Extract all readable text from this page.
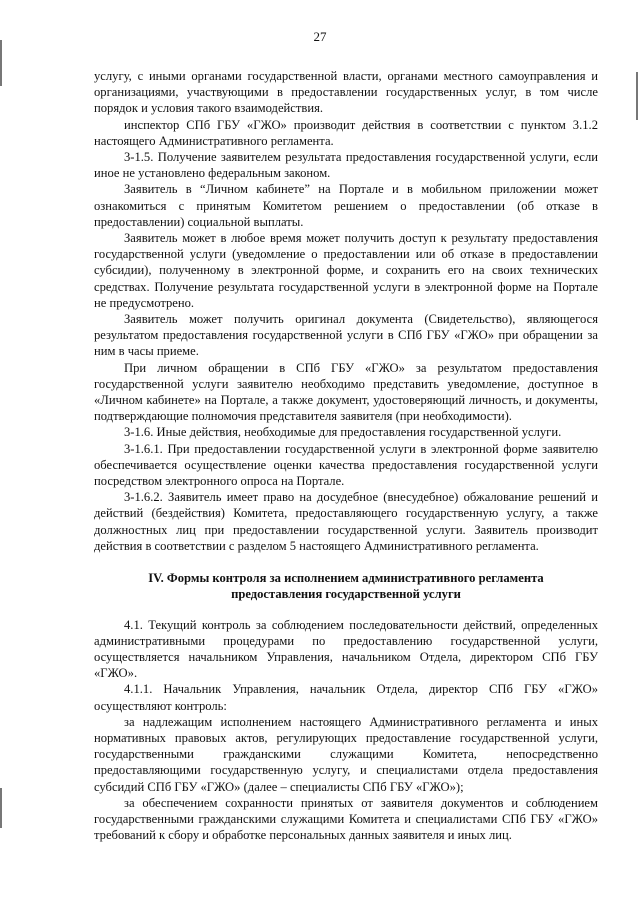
27

услугу, с иными органами государственной власти, органами местного самоуправления и организациями, участвующими в предоставлении государственных услуг, в том числе порядок и условия такого взаимодействия.

инспектор СПб ГБУ «ГЖО» производит действия в соответствии с пунктом 3.1.2 настоящего Административного регламента.

3-1.5. Получение заявителем результата предоставления государственной услуги, если иное не установлено федеральным законом.

Заявитель в “Личном кабинете” на Портале и в мобильном приложении может ознакомиться с принятым Комитетом решением о предоставлении (об отказе в предоставлении) социальной выплаты.

Заявитель может в любое время может получить доступ к результату предоставления государственной услуги (уведомление о предоставлении или об отказе в предоставлении субсидии), полученному в электронной форме, и сохранить его на своих технических средствах. Получение результата государственной услуги в электронной форме на Портале не предусмотрено.

Заявитель может получить оригинал документа (Свидетельство), являющегося результатом предоставления государственной услуги в СПб ГБУ «ГЖО» при обращении за ним в часы приеме.

При личном обращении в СПб ГБУ «ГЖО» за результатом предоставления государственной услуги заявителю необходимо представить уведомление, доступное в «Личном кабинете» на Портале, а также документ, удостоверяющий личность, и документы, подтверждающие полномочия представителя заявителя (при необходимости).

3-1.6. Иные действия, необходимые для предоставления государственной услуги.

3-1.6.1. При предоставлении государственной услуги в электронной форме заявителю обеспечивается осуществление оценки качества предоставления государственной услуги посредством электронного опроса на Портале.

3-1.6.2. Заявитель имеет право на досудебное (внесудебное) обжалование решений и действий (бездействия) Комитета, предоставляющего государственную услугу, а также должностных лиц при предоставлении государственной услуги. Заявитель производит действия в соответствии с разделом 5 настоящего Административного регламента.

IV. Формы контроля за исполнением административного регламента
предоставления государственной услуги

4.1. Текущий контроль за соблюдением последовательности действий, определенных административными процедурами по предоставлению государственной услуги, осуществляется начальником Управления, начальником Отдела, директором СПб ГБУ «ГЖО».

4.1.1. Начальник Управления, начальник Отдела, директор СПб ГБУ «ГЖО» осуществляют контроль:

за надлежащим исполнением настоящего Административного регламента и иных нормативных правовых актов, регулирующих предоставление государственной услуги, государственными гражданскими служащими Комитета, непосредственно предоставляющими государственную услугу, и специалистами отдела предоставления субсидий СПб ГБУ «ГЖО» (далее – специалисты СПб ГБУ «ГЖО»);

за обеспечением сохранности принятых от заявителя документов и соблюдением государственными гражданскими служащими Комитета и специалистами СПб ГБУ «ГЖО» требований к сбору и обработке персональных данных заявителя и иных лиц.
